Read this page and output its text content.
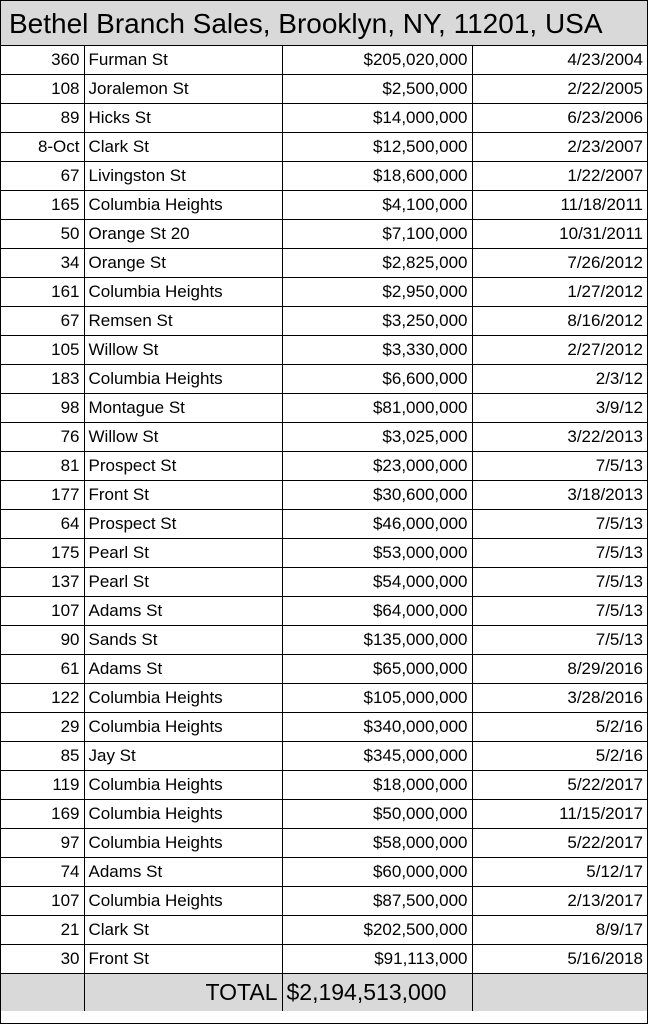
Bethel Branch Sales, Brooklyn, NY, 11201, USA
360	Furman St	$205,020,000	4/23/2004
108	Joralemon St	$2,500,000	2/22/2005
89	Hicks St	$14,000,000	6/23/2006
8-Oct	Clark St	$12,500,000	2/23/2007
67	Livingston St	$18,600,000	1/22/2007
165	Columbia Heights	$4,100,000	11/18/2011
50	Orange St 20	$7,100,000	10/31/2011
34	Orange St	$2,825,000	7/26/2012
161	Columbia Heights	$2,950,000	1/27/2012
67	Remsen St	$3,250,000	8/16/2012
105	Willow St	$3,330,000	2/27/2012
183	Columbia Heights	$6,600,000	2/3/12
98	Montague St	$81,000,000	3/9/12
76	Willow St	$3,025,000	3/22/2013
81	Prospect St	$23,000,000	7/5/13
177	Front St	$30,600,000	3/18/2013
64	Prospect St	$46,000,000	7/5/13
175	Pearl St	$53,000,000	7/5/13
137	Pearl St	$54,000,000	7/5/13
107	Adams St	$64,000,000	7/5/13
90	Sands St	$135,000,000	7/5/13
61	Adams St	$65,000,000	8/29/2016
122	Columbia Heights	$105,000,000	3/28/2016
29	Columbia Heights	$340,000,000	5/2/16
85	Jay St	$345,000,000	5/2/16
119	Columbia Heights	$18,000,000	5/22/2017
169	Columbia Heights	$50,000,000	11/15/2017
97	Columbia Heights	$58,000,000	5/22/2017
74	Adams St	$60,000,000	5/12/17
107	Columbia Heights	$87,500,000	2/13/2017
21	Clark St	$202,500,000	8/9/17
30	Front St	$91,113,000	5/16/2018
	TOTAL	$2,194,513,000	
